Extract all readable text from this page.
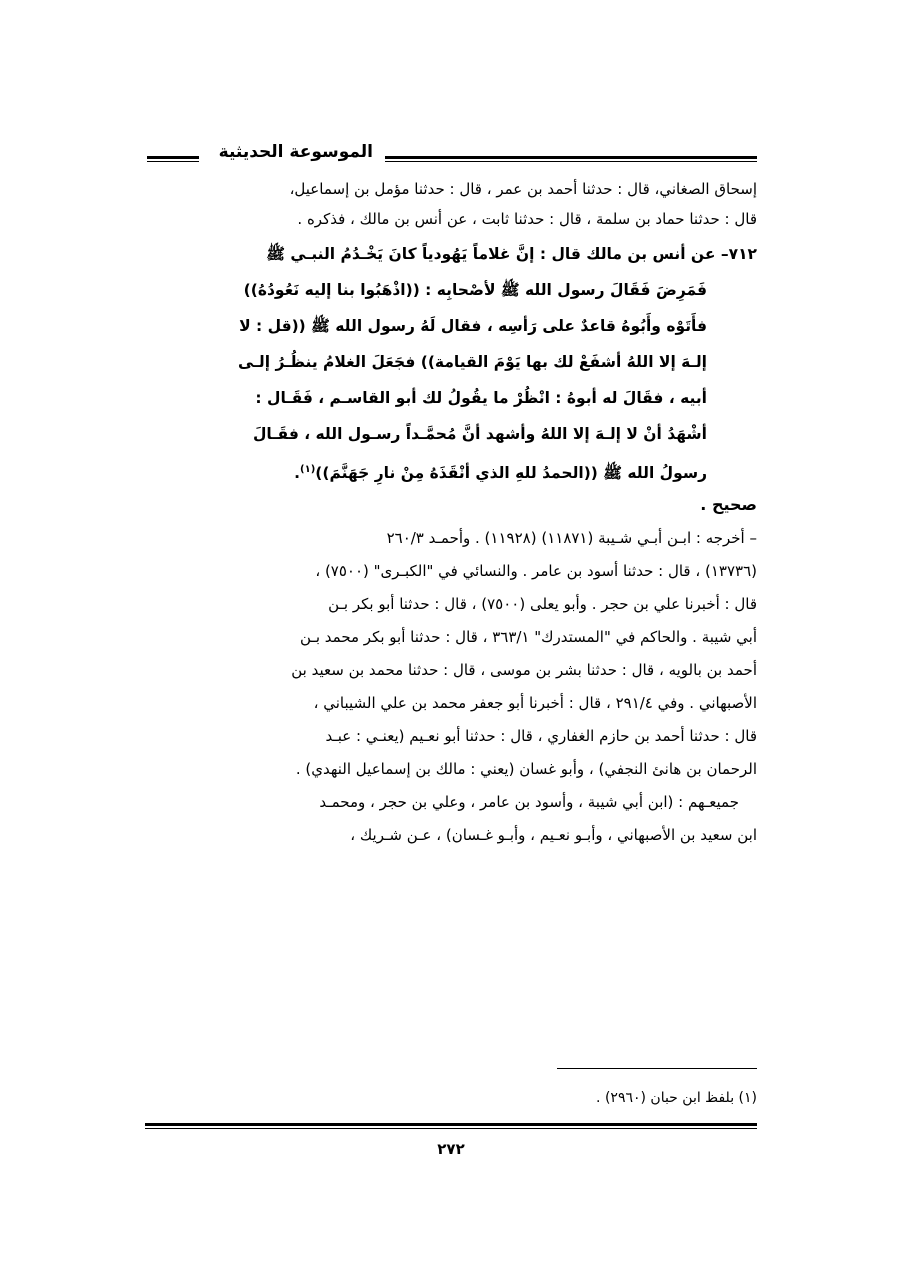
الموسوعة الحديثية
إسحاق الصغاني، قال : حدثنا أحمد بن عمر ، قال : حدثنا مؤمل بن إسماعيل،
قال : حدثنا حماد بن سلمة ، قال : حدثنا ثابت ، عن أنس بن مالك ، فذكره .
٧١٢– عن أنس بن مالك قال : إنَّ غلاماً يَهُودياً كانَ يَخْـدُمُ النبـي ﷺ
فَمَرِضَ فَقَالَ رسول الله ﷺ لأصْحابِه : ((اذْهَبُوا بنا إليه نَعُودُهُ))
فأَتَوْه وأَبُوهُ قاعدٌ على رَأسِه ، فقال لَهُ رسول الله ﷺ ((قل : لا
إلـهَ إلا اللهُ أشفَعْ لك بها يَوْمَ القيامة)) فجَعَلَ الغلامُ ينظُـرُ إلـى
أبيه ، فقَالَ له أبوهُ : انْظُرْ ما يقُولُ لك أبو القاسـم ، فَقَـال :
أشْهَدُ أنْ لا إلـهَ إلا اللهُ وأشهد أنَّ مُحمَّـداً رسـول الله ، فقَـالَ
رسولُ الله ﷺ ((الحمدُ للهِ الذي أنْقَذَهُ مِنْ نارِ جَهَنَّمَ))$^{(١)}$.
صحيح .
– أخرجه : ابـن أبـي شـيبة (١١٨٧١) (١١٩٢٨) . وأحمـد ٢٦٠/٣
(١٣٧٣٦) ، قال : حدثنا أسود بن عامر . والنسائي في "الكبـرى" (٧٥٠٠) ،
قال : أخبرنا علي بن حجر . وأبو يعلى (٧٥٠٠) ، قال : حدثنا أبو بكر بـن
أبي شيبة . والحاكم في "المستدرك" ٣٦٣/١ ، قال : حدثنا أبو بكر محمد بـن
أحمد بن بالويه ، قال : حدثنا بشر بن موسى ، قال : حدثنا محمد بن سعيد بن
الأصبهاني . وفي ٢٩١/٤ ، قال : أخبرنا أبو جعفر محمد بن علي الشيباني ،
قال : حدثنا أحمد بن حازم الغفاري ، قال : حدثنا أبو نعـيم (يعنـي : عبـد
الرحمان بن هانئ النجفي) ، وأبو غسان (يعني : مالك بن إسماعيل النهدي) .
جميعـهم : (ابن أبي شيبة ، وأسود بن عامر ، وعلي بن حجر ، ومحمـد
ابن سعيد بن الأصبهاني ، وأبـو نعـيم ، وأبـو غـسان) ، عـن شـريك ،
(١) بلفظ ابن حبان (٢٩٦٠) .
٢٧٢
